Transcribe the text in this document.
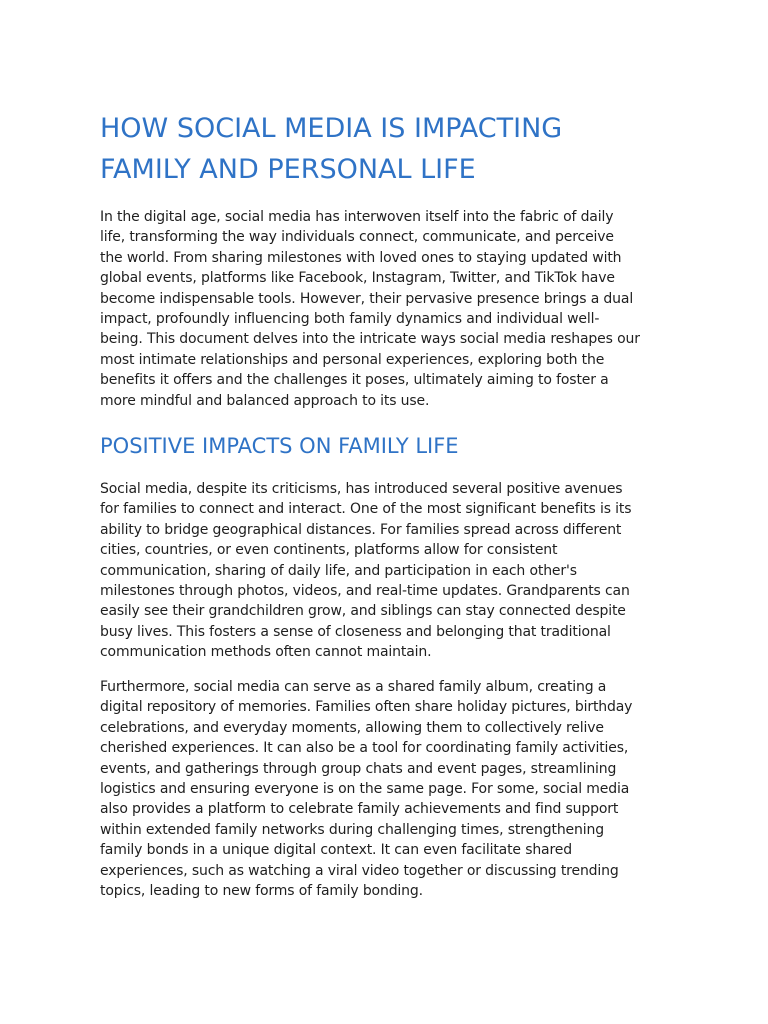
HOW SOCIAL MEDIA IS IMPACTING
FAMILY AND PERSONAL LIFE

In the digital age, social media has interwoven itself into the fabric of daily
life, transforming the way individuals connect, communicate, and perceive
the world. From sharing milestones with loved ones to staying updated with
global events, platforms like Facebook, Instagram, Twitter, and TikTok have
become indispensable tools. However, their pervasive presence brings a dual
impact, profoundly influencing both family dynamics and individual well-
being. This document delves into the intricate ways social media reshapes our
most intimate relationships and personal experiences, exploring both the
benefits it offers and the challenges it poses, ultimately aiming to foster a
more mindful and balanced approach to its use.

POSITIVE IMPACTS ON FAMILY LIFE

Social media, despite its criticisms, has introduced several positive avenues
for families to connect and interact. One of the most significant benefits is its
ability to bridge geographical distances. For families spread across different
cities, countries, or even continents, platforms allow for consistent
communication, sharing of daily life, and participation in each other's
milestones through photos, videos, and real-time updates. Grandparents can
easily see their grandchildren grow, and siblings can stay connected despite
busy lives. This fosters a sense of closeness and belonging that traditional
communication methods often cannot maintain.

Furthermore, social media can serve as a shared family album, creating a
digital repository of memories. Families often share holiday pictures, birthday
celebrations, and everyday moments, allowing them to collectively relive
cherished experiences. It can also be a tool for coordinating family activities,
events, and gatherings through group chats and event pages, streamlining
logistics and ensuring everyone is on the same page. For some, social media
also provides a platform to celebrate family achievements and find support
within extended family networks during challenging times, strengthening
family bonds in a unique digital context. It can even facilitate shared
experiences, such as watching a viral video together or discussing trending
topics, leading to new forms of family bonding.
